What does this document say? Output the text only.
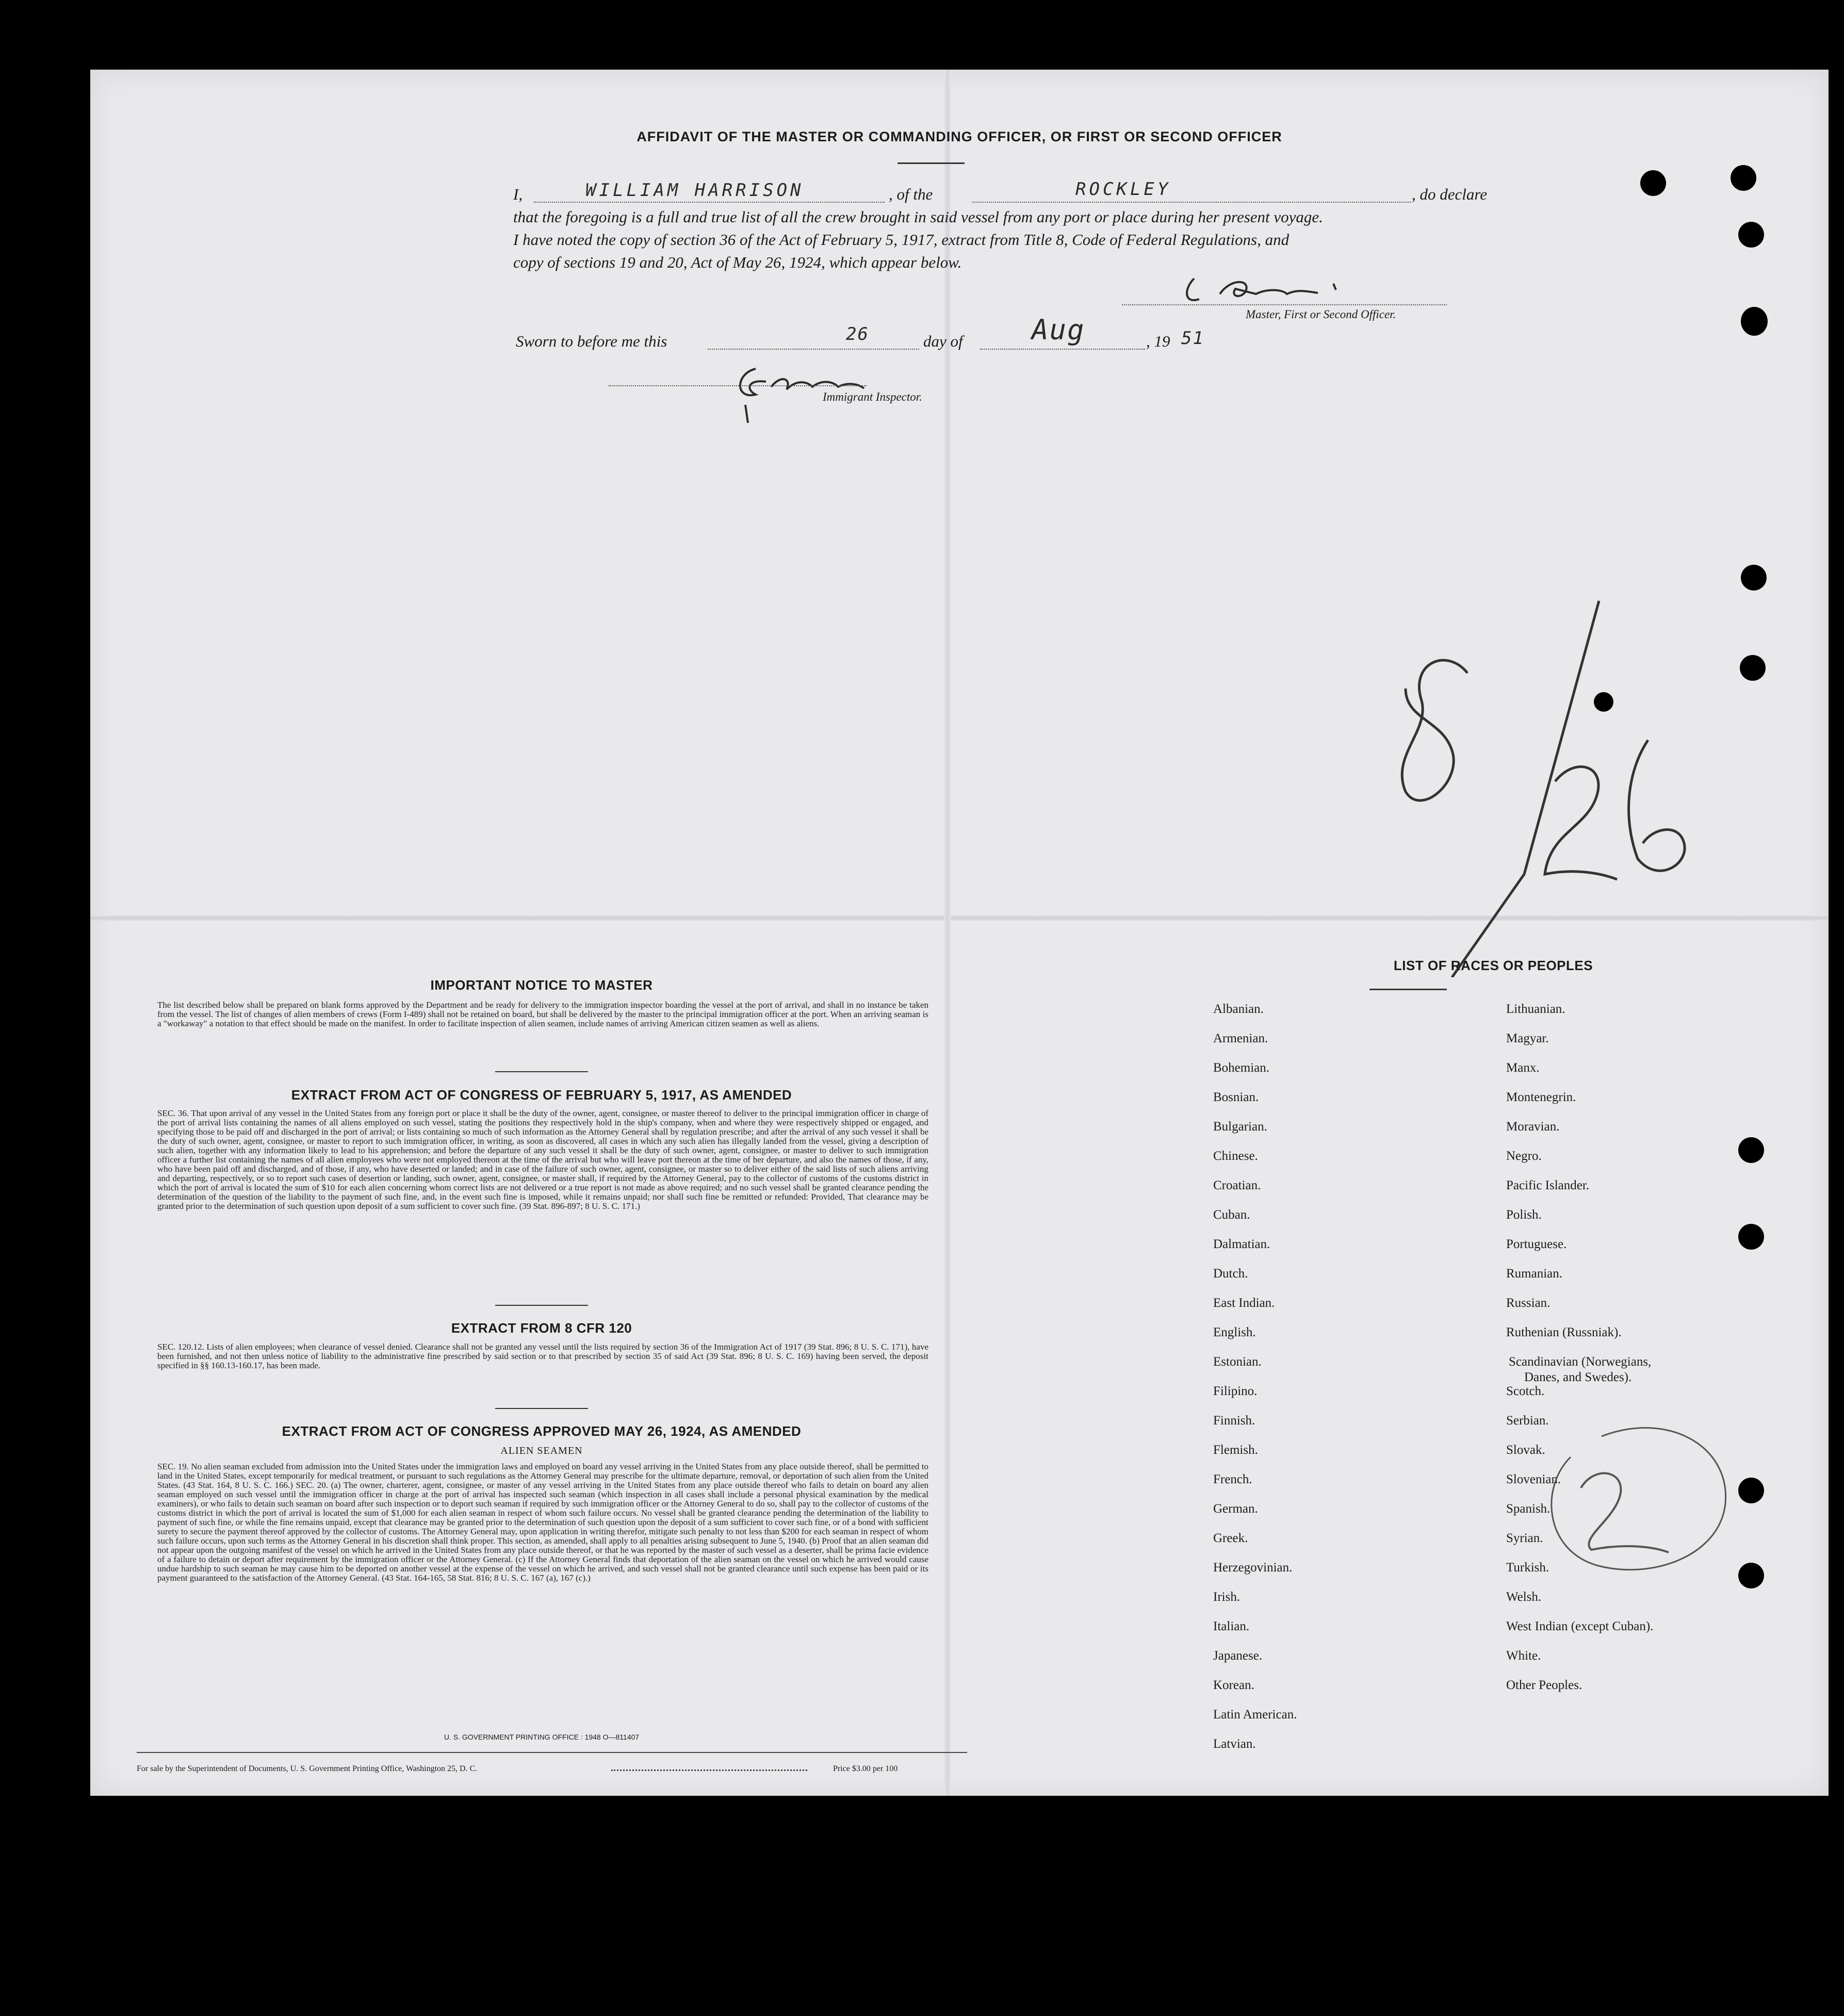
AFFIDAVIT OF THE MASTER OR COMMANDING OFFICER, OR FIRST OR SECOND OFFICER
I,	WILLIAM HARRISON	, of the	ROCKLEY	, do declare
that the foregoing is a full and true list of all the crew brought in said vessel from any port or place during her present voyage.
I have noted the copy of section 36 of the Act of February 5, 1917, extract from Title 8, Code of Federal Regulations, and
copy of sections 19 and 20, Act of May 26, 1924, which appear below.
Master, First or Second Officer.
Sworn to before me this	26	day of Aug	, 19 51
Immigrant Inspector.
IMPORTANT NOTICE TO MASTER
The list described below shall be prepared on blank forms approved by the Department and be ready for delivery to the immigration inspector boarding the vessel at the port of arrival, and shall in no instance be taken from the vessel. The list of changes of alien members of crews (Form I-489) shall not be retained on board, but shall be delivered by the master to the principal immigration officer at the port. When an arriving seaman is a "workaway" a notation to that effect should be made on the manifest. In order to facilitate inspection of alien seamen, include names of arriving American citizen seamen as well as aliens.
EXTRACT FROM ACT OF CONGRESS OF FEBRUARY 5, 1917, AS AMENDED
SEC. 36. That upon arrival of any vessel in the United States from any foreign port or place it shall be the duty of the owner, agent, consignee, or master thereof to deliver to the principal immigration officer in charge of the port of arrival lists containing the names of all aliens employed on such vessel, stating the positions they respectively hold in the ship's company, when and where they were respectively shipped or engaged, and specifying those to be paid off and discharged in the port of arrival; or lists containing so much of such information as the Attorney General shall by regulation prescribe; and after the arrival of any such vessel it shall be the duty of such owner, agent, consignee, or master to report to such immigration officer, in writing, as soon as discovered, all cases in which any such alien has illegally landed from the vessel, giving a description of such alien, together with any information likely to lead to his apprehension; and before the departure of any such vessel it shall be the duty of such owner, agent, consignee, or master to deliver to such immigration officer a further list containing the names of all alien employees who were not employed thereon at the time of the arrival but who will leave port thereon at the time of her departure, and also the names of those, if any, who have been paid off and discharged, and of those, if any, who have deserted or landed; and in case of the failure of such owner, agent, consignee, or master so to deliver either of the said lists of such aliens arriving and departing, respectively, or so to report such cases of desertion or landing, such owner, agent, consignee, or master shall, if required by the Attorney General, pay to the collector of customs of the customs district in which the port of arrival is located the sum of $10 for each alien concerning whom correct lists are not delivered or a true report is not made as above required; and no such vessel shall be granted clearance pending the determination of the question of the liability to the payment of such fine, and, in the event such fine is imposed, while it remains unpaid; nor shall such fine be remitted or refunded: Provided, That clearance may be granted prior to the determination of such question upon deposit of a sum sufficient to cover such fine. (39 Stat. 896-897; 8 U. S. C. 171.)
EXTRACT FROM 8 CFR 120
SEC. 120.12. Lists of alien employees; when clearance of vessel denied. Clearance shall not be granted any vessel until the lists required by section 36 of the Immigration Act of 1917 (39 Stat. 896; 8 U. S. C. 171), have been furnished, and not then unless notice of liability to the administrative fine prescribed by said section or to that prescribed by section 35 of said Act (39 Stat. 896; 8 U. S. C. 169) having been served, the deposit specified in §§ 160.13-160.17, has been made.
EXTRACT FROM ACT OF CONGRESS APPROVED MAY 26, 1924, AS AMENDED
ALIEN SEAMEN
SEC. 19. No alien seaman excluded from admission into the United States under the immigration laws and employed on board any vessel arriving in the United States from any place outside thereof, shall be permitted to land in the United States, except temporarily for medical treatment, or pursuant to such regulations as the Attorney General may prescribe for the ultimate departure, removal, or deportation of such alien from the United States. (43 Stat. 164, 8 U. S. C. 166.) SEC. 20. (a) The owner, charterer, agent, consignee, or master of any vessel arriving in the United States from any place outside thereof who fails to detain on board any alien seaman employed on such vessel until the immigration officer in charge at the port of arrival has inspected such seaman (which inspection in all cases shall include a personal physical examination by the medical examiners), or who fails to detain such seaman on board after such inspection or to deport such seaman if required by such immigration officer or the Attorney General to do so, shall pay to the collector of customs of the customs district in which the port of arrival is located the sum of $1,000 for each alien seaman in respect of whom such failure occurs. No vessel shall be granted clearance pending the determination of the liability to payment of such fine, or while the fine remains unpaid, except that clearance may be granted prior to the determination of such question upon the deposit of a sum sufficient to cover such fine, or of a bond with sufficient surety to secure the payment thereof approved by the collector of customs. The Attorney General may, upon application in writing therefor, mitigate such penalty to not less than $200 for each seaman in respect of whom such failure occurs, upon such terms as the Attorney General in his discretion shall think proper. This section, as amended, shall apply to all penalties arising subsequent to June 5, 1940. (b) Proof that an alien seaman did not appear upon the outgoing manifest of the vessel on which he arrived in the United States from any place outside thereof, or that he was reported by the master of such vessel as a deserter, shall be prima facie evidence of a failure to detain or deport after requirement by the immigration officer or the Attorney General. (c) If the Attorney General finds that deportation of the alien seaman on the vessel on which he arrived would cause undue hardship to such seaman he may cause him to be deported on another vessel at the expense of the vessel on which he arrived, and such vessel shall not be granted clearance until such expense has been paid or its payment guaranteed to the satisfaction of the Attorney General. (43 Stat. 164-165, 58 Stat. 816; 8 U. S. C. 167 (a), 167 (c).)
U. S. GOVERNMENT PRINTING OFFICE : 1948 O—811407
For sale by the Superintendent of Documents, U. S. Government Printing Office, Washington 25, D. C.	Price $3.00 per 100
LIST OF RACES OR PEOPLES
Albanian.
Armenian.
Bohemian.
Bosnian.
Bulgarian.
Chinese.
Croatian.
Cuban.
Dalmatian.
Dutch.
East Indian.
English.
Estonian.
Filipino.
Finnish.
Flemish.
French.
German.
Greek.
Herzegovinian.
Irish.
Italian.
Japanese.
Korean.
Latin American.
Latvian.
Lithuanian.
Magyar.
Manx.
Montenegrin.
Moravian.
Negro.
Pacific Islander.
Polish.
Portuguese.
Rumanian.
Russian.
Ruthenian (Russniak).
Scandinavian (Norwegians,
Danes, and Swedes).
Scotch.
Serbian.
Slovak.
Slovenian.
Spanish.
Syrian.
Turkish.
Welsh.
West Indian (except Cuban).
White.
Other Peoples.
